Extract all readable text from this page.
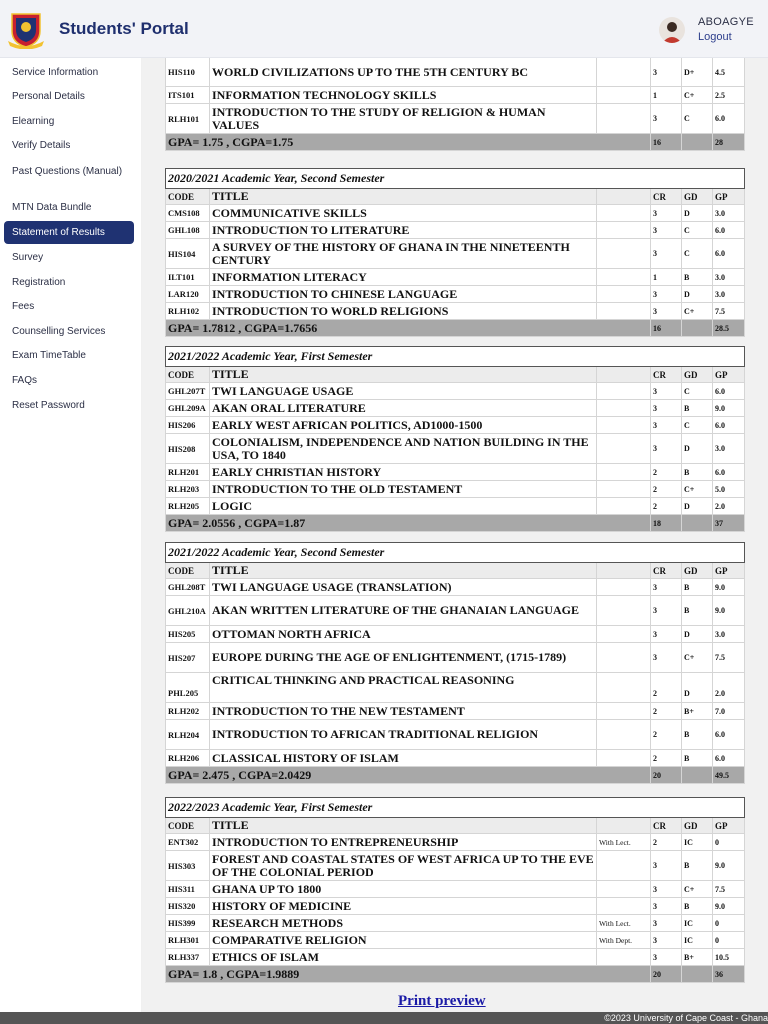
Students' Portal	ABOAGYE
Logout
Service Information
Personal Details
Elearning
Verify Details
Past Questions (Manual)
MTN Data Bundle
Statement of Results
Survey
Registration
Fees
Counselling Services
Exam TimeTable
FAQs
Reset Password

HIS110	WORLD CIVILIZATIONS UP TO THE 5TH CENTURY BC		3	D+	4.5
ITS101	INFORMATION TECHNOLOGY SKILLS		1	C+	2.5
RLH101	INTRODUCTION TO THE STUDY OF RELIGION & HUMAN VALUES		3	C	6.0
GPA= 1.75 , CGPA=1.75			16		28
2020/2021 Academic Year, Second Semester					
CODE	TITLE		CR	GD	GP
CMS108	COMMUNICATIVE SKILLS		3	D	3.0
GHL108	INTRODUCTION TO LITERATURE		3	C	6.0
HIS104	A SURVEY OF THE HISTORY OF GHANA IN THE NINETEENTH CENTURY		3	C	6.0
ILT101	INFORMATION LITERACY		1	B	3.0
LAR120	INTRODUCTION TO CHINESE LANGUAGE		3	D	3.0
RLH102	INTRODUCTION TO WORLD RELIGIONS		3	C+	7.5
GPA= 1.7812 , CGPA=1.7656			16		28.5
2021/2022 Academic Year, First Semester					
CODE	TITLE		CR	GD	GP
GHL207T	TWI LANGUAGE USAGE		3	C	6.0
GHL209A	AKAN ORAL LITERATURE		3	B	9.0
HIS206	EARLY WEST AFRICAN POLITICS, AD1000-1500		3	C	6.0
HIS208	COLONIALISM, INDEPENDENCE AND NATION BUILDING IN THE USA, TO 1840		3	D	3.0
RLH201	EARLY CHRISTIAN HISTORY		2	B	6.0
RLH203	INTRODUCTION TO THE OLD TESTAMENT		2	C+	5.0
RLH205	LOGIC		2	D	2.0
GPA= 2.0556 , CGPA=1.87			18		37
2021/2022 Academic Year, Second Semester					
CODE	TITLE		CR	GD	GP
GHL208T	TWI LANGUAGE USAGE (TRANSLATION)		3	B	9.0
GHL210A	AKAN WRITTEN LITERATURE OF THE GHANAIAN LANGUAGE		3	B	9.0
HIS205	OTTOMAN NORTH AFRICA		3	D	3.0
HIS207	EUROPE DURING THE AGE OF ENLIGHTENMENT, (1715-1789)		3	C+	7.5
PHL205	CRITICAL THINKING AND PRACTICAL REASONING		2	D	2.0
RLH202	INTRODUCTION TO THE NEW TESTAMENT		2	B+	7.0
RLH204	INTRODUCTION TO AFRICAN TRADITIONAL RELIGION		2	B	6.0
RLH206	CLASSICAL HISTORY OF ISLAM		2	B	6.0
GPA= 2.475 , CGPA=2.0429			20		49.5
2022/2023 Academic Year, First Semester					
CODE	TITLE		CR	GD	GP
ENT302	INTRODUCTION TO ENTREPRENEURSHIP	With Lect.	2	IC	0
HIS303	FOREST AND COASTAL STATES OF WEST AFRICA UP TO THE EVE OF THE COLONIAL PERIOD		3	B	9.0
HIS311	GHANA UP TO 1800		3	C+	7.5
HIS320	HISTORY OF MEDICINE		3	B	9.0
HIS399	RESEARCH METHODS	With Lect.	3	IC	0
RLH301	COMPARATIVE RELIGION	With Dept.	3	IC	0
RLH337	ETHICS OF ISLAM		3	B+	10.5
GPA= 1.8 , CGPA=1.9889			20		36
Print preview
©2023 University of Cape Coast - Ghana
